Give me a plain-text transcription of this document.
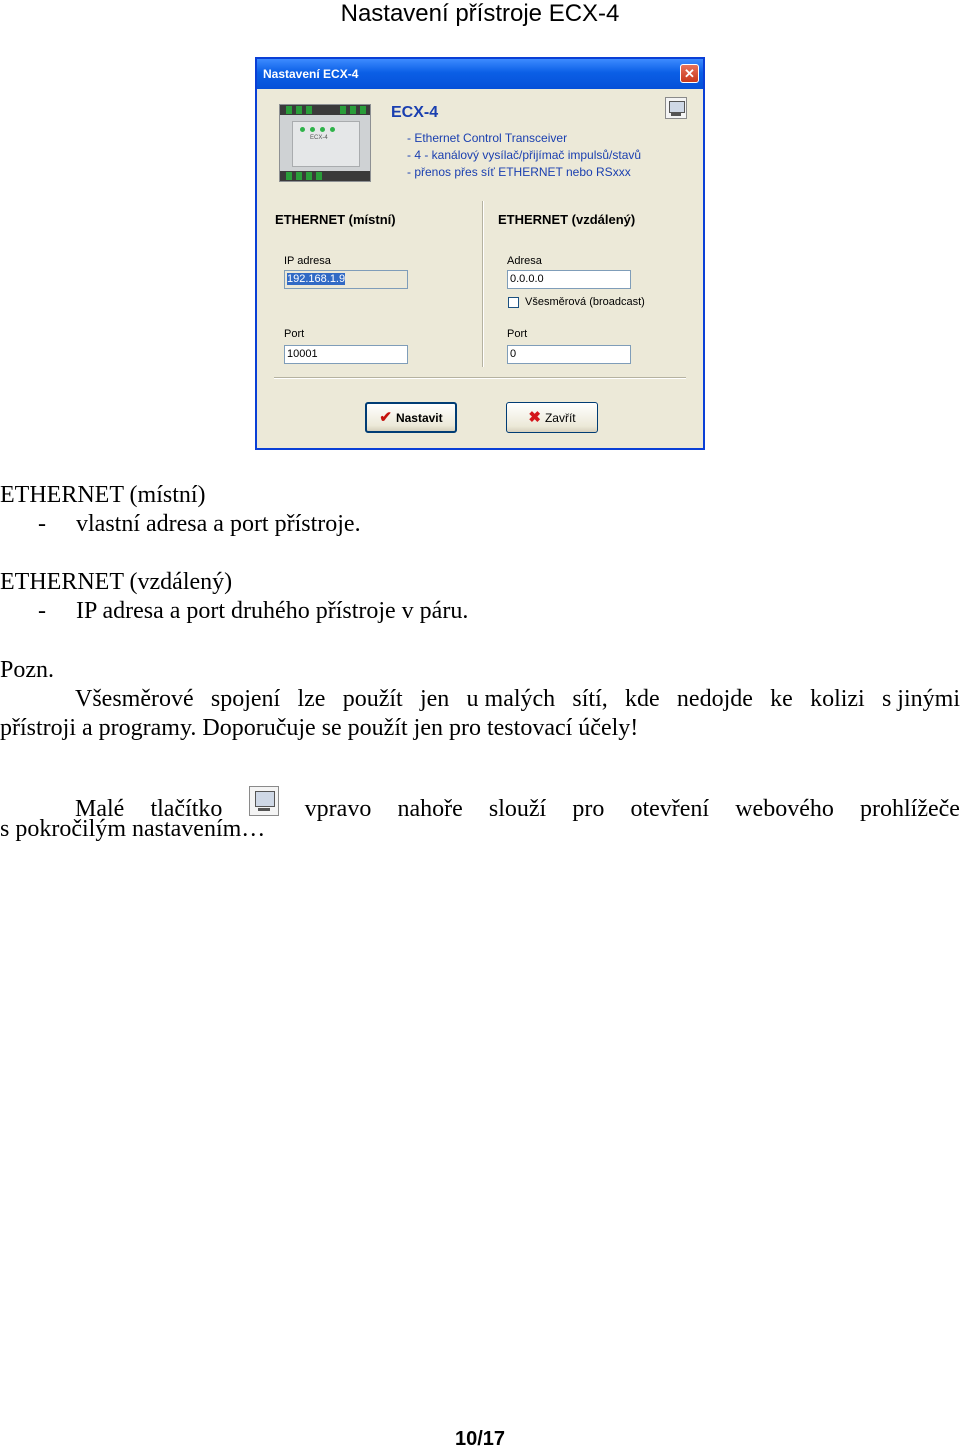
Nastavení přístroje ECX-4
Nastavení ECX-4	✕
ECX-4
ECX-4
- Ethernet Control Transceiver
- 4 - kanálový vysílač/přijímač impulsů/stavů
- přenos přes síť ETHERNET nebo RSxxx
ETHERNET (místní)
IP adresa
192.168.1.9
Port
10001
ETHERNET (vzdálený)
Adresa
0.0.0.0
Všesměrová (broadcast)
Port
0
✔ Nastavit	✖ Zavřít
ETHERNET (místní)
- vlastní adresa a port přístroje.
ETHERNET (vzdálený)
- IP adresa a port druhého přístroje v páru.
Pozn.
Všesměrové spojení lze použít jen u malých sítí, kde nedojde ke kolizi s jinými
přístroji a programy. Doporučuje se použít jen pro testovací účely!
Malé tlačítko	vpravo nahoře slouží pro otevření webového prohlížeče
s pokročilým nastavením…
10/17
